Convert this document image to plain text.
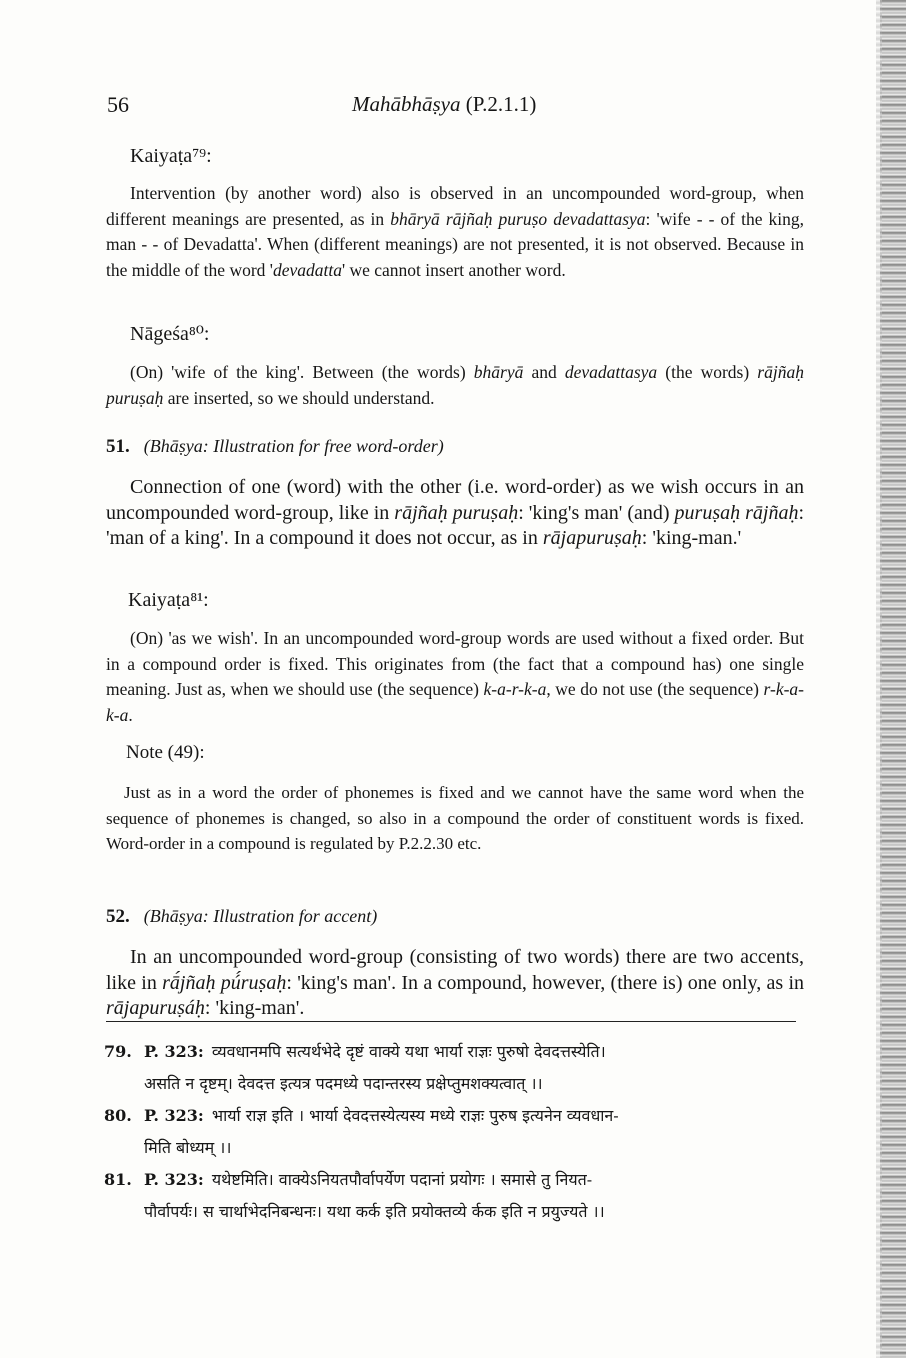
56	Mahābhāṣya (P.2.1.1)
Kaiyaṭa⁷⁹:
Intervention (by another word) also is observed in an uncompounded word-group, when different meanings are presented, as in bhāryā rājñaḥ puruṣo devadattasya: 'wife - - of the king, man - - of Devadatta'. When (different meanings) are not presented, it is not observed. Because in the middle of the word 'devadatta' we cannot insert another word.
Nāgeśa⁸⁰:
(On) 'wife of the king'. Between (the words) bhāryā and devadattasya (the words) rājñaḥ puruṣaḥ are inserted, so we should understand.
51. (Bhāṣya: Illustration for free word-order)
Connection of one (word) with the other (i.e. word-order) as we wish occurs in an uncompounded word-group, like in rājñaḥ puruṣaḥ: 'king's man' (and) puruṣaḥ rājñaḥ: 'man of a king'. In a compound it does not occur, as in rājapuruṣaḥ: 'king-man.'
Kaiyaṭa⁸¹:
(On) 'as we wish'. In an uncompounded word-group words are used without a fixed order. But in a compound order is fixed. This originates from (the fact that a compound has) one single meaning. Just as, when we should use (the sequence) k-a-r-k-a, we do not use (the sequence) r-k-a-k-a.
Note (49):
Just as in a word the order of phonemes is fixed and we cannot have the same word when the sequence of phonemes is changed, so also in a compound the order of constituent words is fixed. Word-order in a compound is regulated by P.2.2.30 etc.
52. (Bhāṣya: Illustration for accent)
In an uncompounded word-group (consisting of two words) there are two accents, like in rā́jñaḥ pú́ruṣaḥ: 'king's man'. In a compound, however, (there is) one only, as in rājapuruṣáḥ: 'king-man'.
79. P. 323: व्यवधानमपि सत्यर्थभेदे दृष्टं वाक्ये यथा भार्या राज्ञः पुरुषो देवदत्तस्येति।
असति न दृष्टम्। देवदत्त इत्यत्र पदमध्ये पदान्तरस्य प्रक्षेप्तुमशक्यत्वात् ।।
80. P. 323: भार्या राज्ञ इति । भार्या देवदत्तस्येत्यस्य मध्ये राज्ञः पुरुष इत्यनेन व्यवधान-
मिति बोध्यम् ।।
81. P. 323: यथेष्टमिति। वाक्येऽनियतपौर्वापर्येण पदानां प्रयोगः । समासे तु नियत-
पौर्वापर्यः। स चार्थाभेदनिबन्धनः। यथा कर्क इति प्रयोक्तव्ये र्कक इति न प्रयुज्यते ।।
